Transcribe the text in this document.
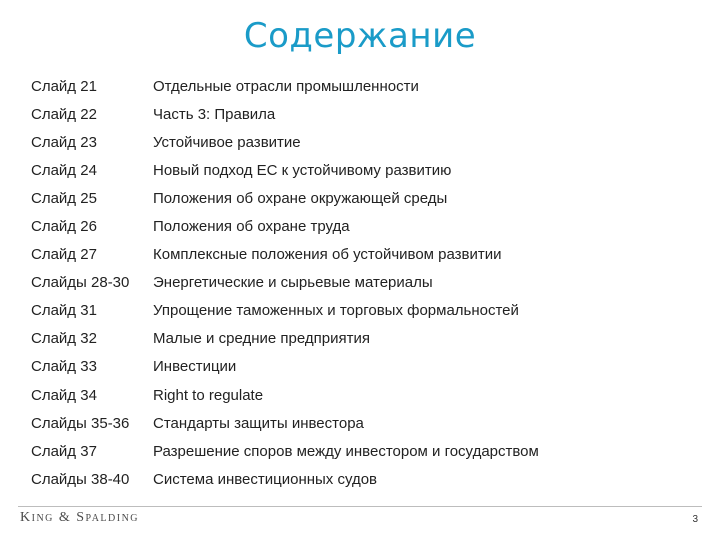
Содержание
Слайд 21	Отдельные отрасли промышленности
Слайд 22	Часть 3: Правила
Слайд 23	Устойчивое развитие
Слайд 24	Новый подход ЕС к устойчивому развитию
Слайд 25	Положения об охране окружающей среды
Слайд 26	Положения об охране труда
Слайд 27	Комплексные положения об устойчивом развитии
Слайды 28-30	Энергетические и сырьевые материалы
Слайд 31	Упрощение таможенных и торговых формальностей
Слайд 32	Малые и средние предприятия
Слайд 33	Инвестиции
Слайд 34	Right to regulate
Слайды 35-36	Стандарты защиты инвестора
Слайд 37	Разрешение споров между инвестором и государством
Слайды 38-40	Система инвестиционных судов
King & Spalding	3
